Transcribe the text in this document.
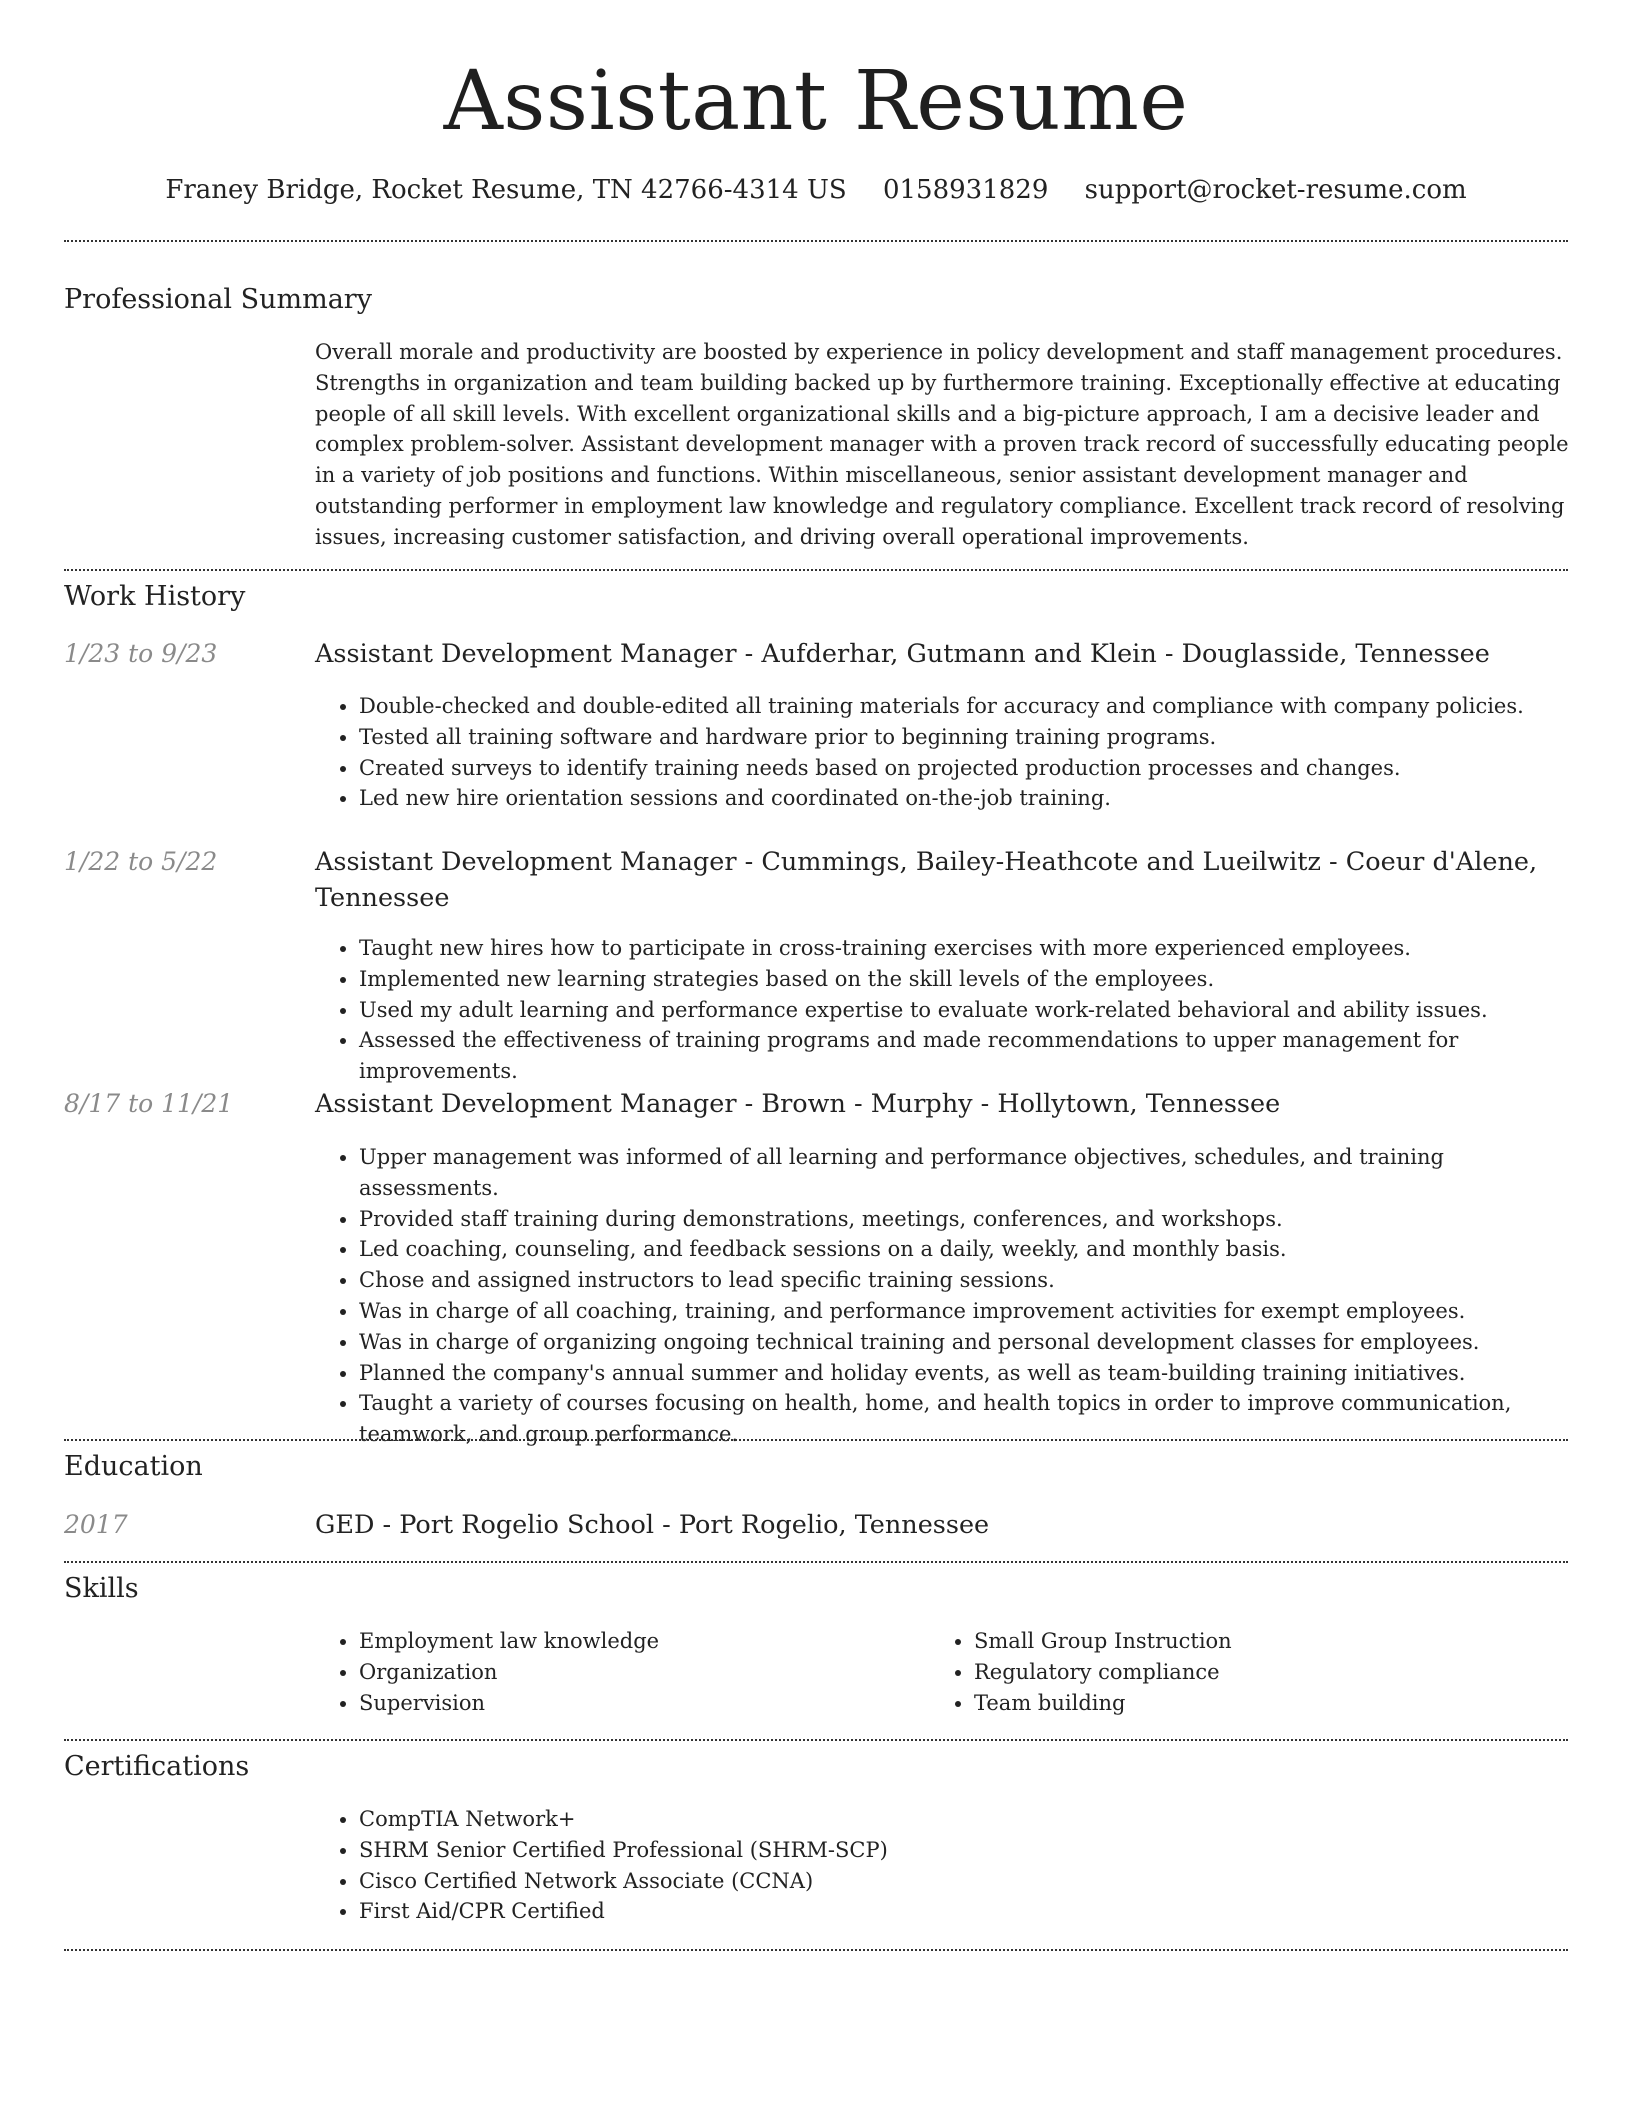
Assistant Resume
Franey Bridge, Rocket Resume, TN 42766-4314 US 0158931829 support@rocket-resume.com
Professional Summary

Overall morale and productivity are boosted by experience in policy development and staff management procedures. Strengths in organization and team building backed up by furthermore training. Exceptionally effective at educating people of all skill levels. With excellent organizational skills and a big-picture approach, I am a decisive leader and complex problem-solver. Assistant development manager with a proven track record of successfully educating people in a variety of job positions and functions. Within miscellaneous, senior assistant development manager and outstanding performer in employment law knowledge and regulatory compliance. Excellent track record of resolving issues, increasing customer satisfaction, and driving overall operational improvements.

Work History
1/23 to 9/23	Assistant Development Manager - Aufderhar, Gutmann and Klein - Douglasside, Tennessee
• Double-checked and double-edited all training materials for accuracy and compliance with company policies.
• Tested all training software and hardware prior to beginning training programs.
• Created surveys to identify training needs based on projected production processes and changes.
• Led new hire orientation sessions and coordinated on-the-job training.
1/22 to 5/22	Assistant Development Manager - Cummings, Bailey-Heathcote and Lueilwitz - Coeur d'Alene, Tennessee
• Taught new hires how to participate in cross-training exercises with more experienced employees.
• Implemented new learning strategies based on the skill levels of the employees.
• Used my adult learning and performance expertise to evaluate work-related behavioral and ability issues.
• Assessed the effectiveness of training programs and made recommendations to upper management for improvements.
8/17 to 11/21	Assistant Development Manager - Brown - Murphy - Hollytown, Tennessee
• Upper management was informed of all learning and performance objectives, schedules, and training assessments.
• Provided staff training during demonstrations, meetings, conferences, and workshops.
• Led coaching, counseling, and feedback sessions on a daily, weekly, and monthly basis.
• Chose and assigned instructors to lead specific training sessions.
• Was in charge of all coaching, training, and performance improvement activities for exempt employees.
• Was in charge of organizing ongoing technical training and personal development classes for employees.
• Planned the company's annual summer and holiday events, as well as team-building training initiatives.
• Taught a variety of courses focusing on health, home, and health topics in order to improve communication, teamwork, and group performance.
Education
2017	GED - Port Rogelio School - Port Rogelio, Tennessee
Skills
• Employment law knowledge
• Organization
• Supervision
• Small Group Instruction
• Regulatory compliance
• Team building
Certifications
• CompTIA Network+
• SHRM Senior Certified Professional (SHRM-SCP)
• Cisco Certified Network Associate (CCNA)
• First Aid/CPR Certified
